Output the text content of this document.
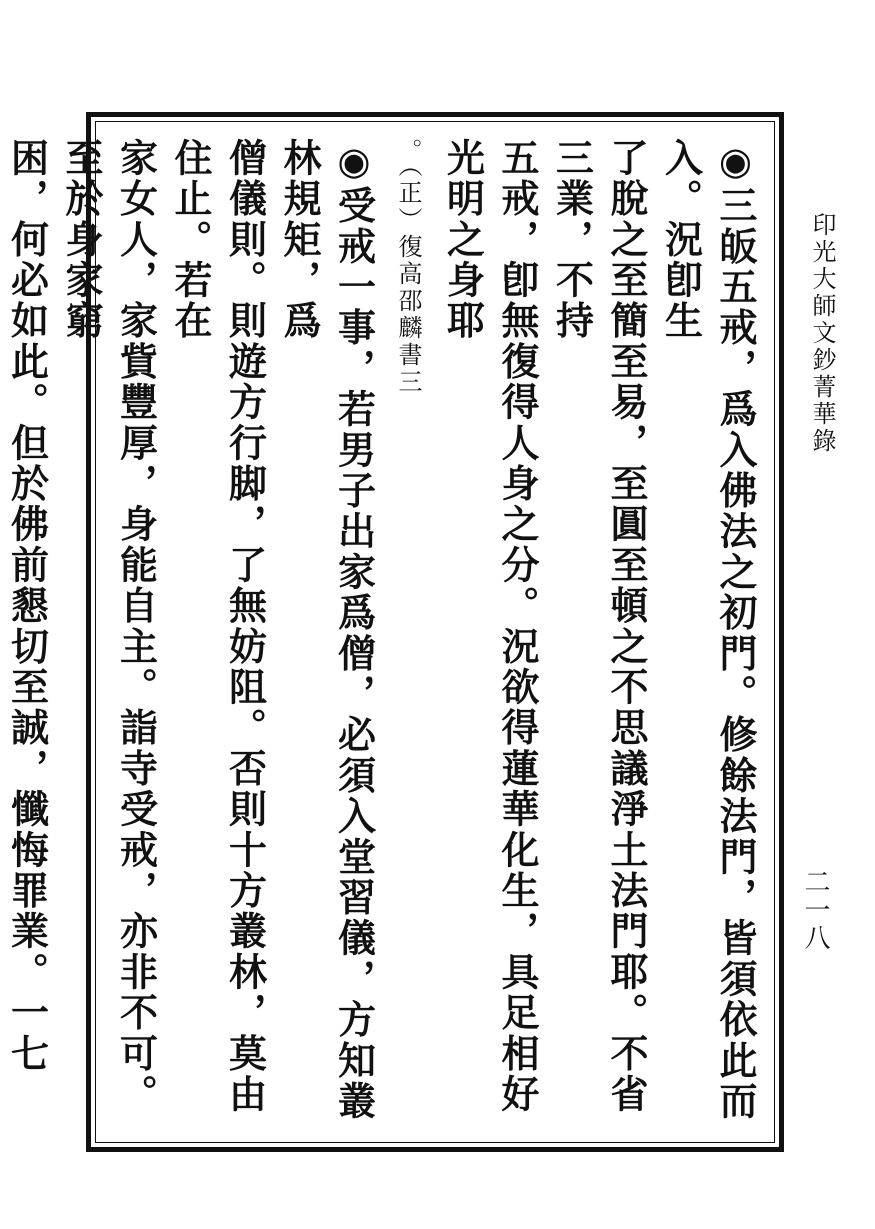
印光大師文鈔菁華錄
二一八
◉三皈五戒，爲入佛法之初門。修餘法門，皆須依此而入。況卽生
了脫之至簡至易，至圓至頓之不思議淨土法門耶。不省三業，不持
五戒，卽無復得人身之分。況欲得蓮華化生，具足相好光明之身耶
。（正）復高邵麟書三
◉受戒一事，若男子出家爲僧，必須入堂習儀，方知叢林規矩，爲
僧儀則。則遊方行脚，了無妨阻。否則十方叢林，莫由住止。若在
家女人，家貲豐厚，身能自主。詣寺受戒，亦非不可。至於身家窮
困，何必如此。但於佛前懇切至誠，懺悔罪業。一七
